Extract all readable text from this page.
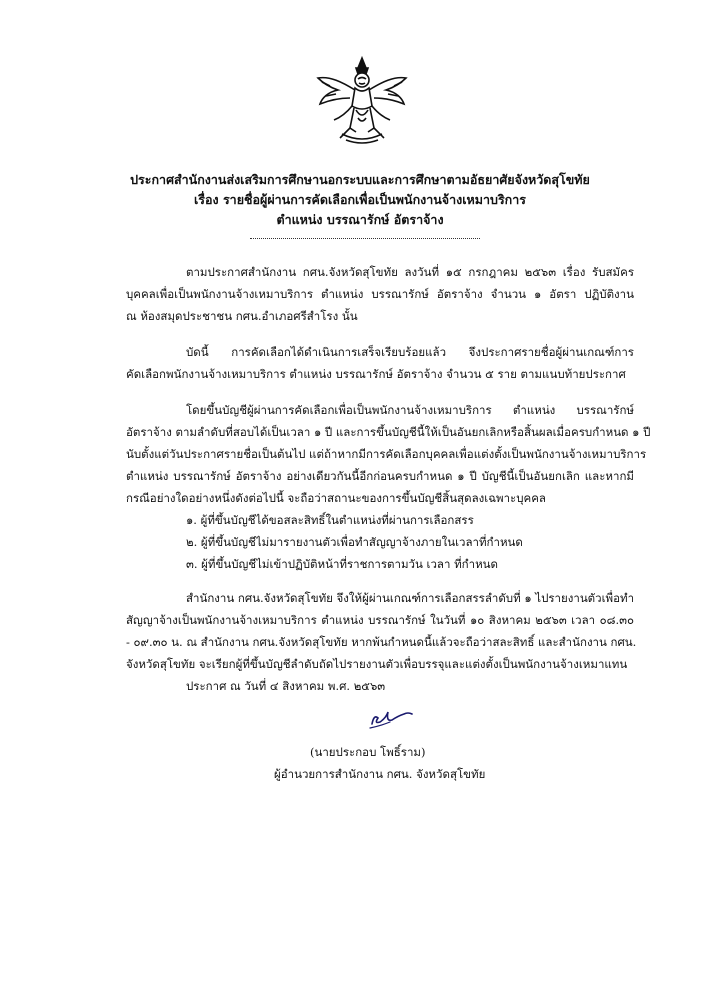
ประกาศสำนักงานส่งเสริมการศึกษานอกระบบและการศึกษาตามอัธยาศัยจังหวัดสุโขทัย
เรื่อง รายชื่อผู้ผ่านการคัดเลือกเพื่อเป็นพนักงานจ้างเหมาบริการ
ตำแหน่ง บรรณารักษ์ อัตราจ้าง
ตามประกาศสำนักงาน กศน.จังหวัดสุโขทัย ลงวันที่ ๑๕ กรกฎาคม ๒๕๖๓ เรื่อง รับสมัคร
บุคคลเพื่อเป็นพนักงานจ้างเหมาบริการ ตำแหน่ง บรรณารักษ์ อัตราจ้าง จำนวน ๑ อัตรา ปฏิบัติงาน
ณ ห้องสมุดประชาชน กศน.อำเภอศรีสำโรง นั้น
บัดนี้ การคัดเลือกได้ดำเนินการเสร็จเรียบร้อยแล้ว จึงประกาศรายชื่อผู้ผ่านเกณฑ์การ
คัดเลือกพนักงานจ้างเหมาบริการ ตำแหน่ง บรรณารักษ์ อัตราจ้าง จำนวน ๕ ราย ตามแนบท้ายประกาศ
โดยขึ้นบัญชีผู้ผ่านการคัดเลือกเพื่อเป็นพนักงานจ้างเหมาบริการ ตำแหน่ง บรรณารักษ์
อัตราจ้าง ตามลำดับที่สอบได้เป็นเวลา ๑ ปี และการขึ้นบัญชีนี้ให้เป็นอันยกเลิกหรือสิ้นผลเมื่อครบกำหนด ๑ ปี
นับตั้งแต่วันประกาศรายชื่อเป็นต้นไป แต่ถ้าหากมีการคัดเลือกบุคคลเพื่อแต่งตั้งเป็นพนักงานจ้างเหมาบริการ
ตำแหน่ง บรรณารักษ์ อัตราจ้าง อย่างเดียวกันนี้อีกก่อนครบกำหนด ๑ ปี บัญชีนี้เป็นอันยกเลิก และหากมี
กรณีอย่างใดอย่างหนึ่งดังต่อไปนี้ จะถือว่าสถานะของการขึ้นบัญชีสิ้นสุดลงเฉพาะบุคคล
๑. ผู้ที่ขึ้นบัญชีได้ขอสละสิทธิ์ในตำแหน่งที่ผ่านการเลือกสรร
๒. ผู้ที่ขึ้นบัญชีไม่มารายงานตัวเพื่อทำสัญญาจ้างภายในเวลาที่กำหนด
๓. ผู้ที่ขึ้นบัญชีไม่เข้าปฏิบัติหน้าที่ราชการตามวัน เวลา ที่กำหนด
สำนักงาน กศน.จังหวัดสุโขทัย จึงให้ผู้ผ่านเกณฑ์การเลือกสรรลำดับที่ ๑ ไปรายงานตัวเพื่อทำ
สัญญาจ้างเป็นพนักงานจ้างเหมาบริการ ตำแหน่ง บรรณารักษ์ ในวันที่ ๑๐ สิงหาคม ๒๕๖๓ เวลา ๐๘.๓๐
- ๐๙.๓๐ น. ณ สำนักงาน กศน.จังหวัดสุโขทัย หากพ้นกำหนดนี้แล้วจะถือว่าสละสิทธิ์ และสำนักงาน กศน.
จังหวัดสุโขทัย จะเรียกผู้ที่ขึ้นบัญชีลำดับถัดไปรายงานตัวเพื่อบรรจุและแต่งตั้งเป็นพนักงานจ้างเหมาแทน
ประกาศ ณ วันที่ ๔ สิงหาคม พ.ศ. ๒๕๖๓
(นายประกอบ โพธิ์ราม)
ผู้อำนวยการสำนักงาน กศน. จังหวัดสุโขทัย
